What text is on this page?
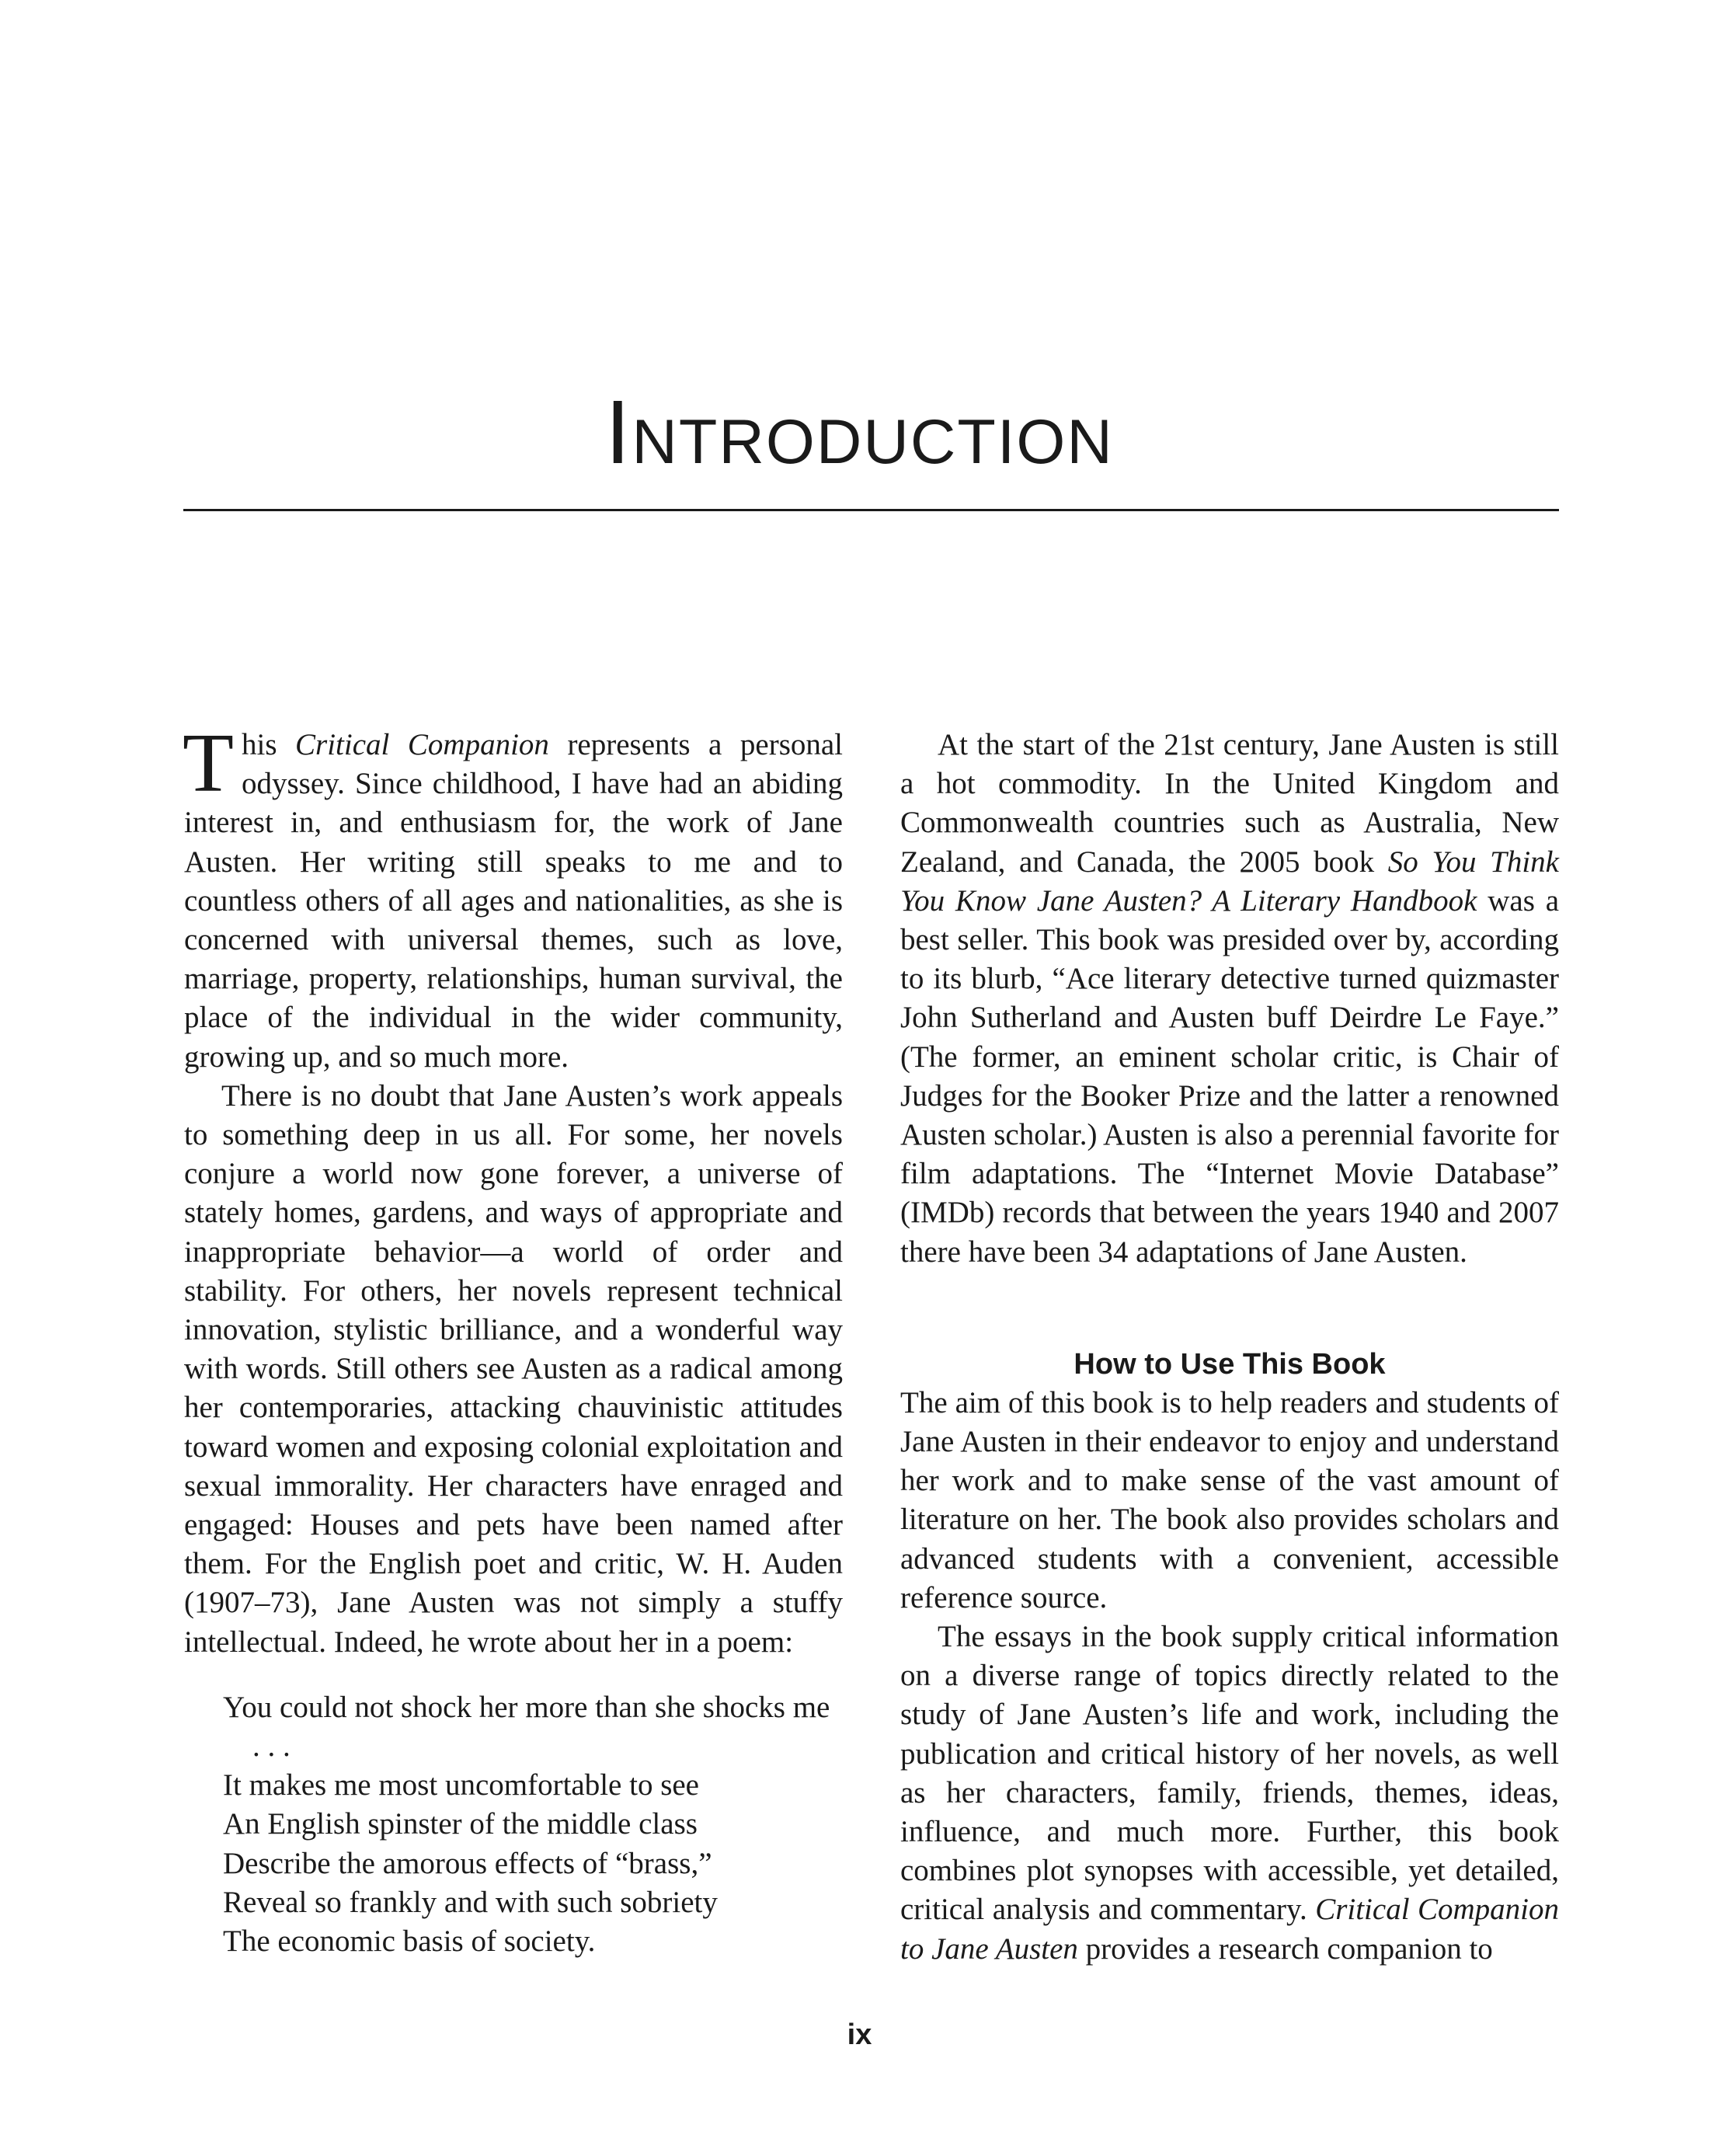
Introduction

This Critical Companion represents a personal odyssey. Since childhood, I have had an abiding interest in, and enthusiasm for, the work of Jane Austen. Her writing still speaks to me and to countless others of all ages and nationalities, as she is concerned with universal themes, such as love, marriage, property, relationships, human survival, the place of the individual in the wider community, growing up, and so much more.

There is no doubt that Jane Austen’s work appeals to something deep in us all. For some, her novels conjure a world now gone forever, a universe of stately homes, gardens, and ways of appropriate and inappropriate behavior—a world of order and stability. For others, her novels represent technical innovation, stylistic brilliance, and a wonderful way with words. Still others see Austen as a radical among her contemporaries, attacking chauvinistic attitudes toward women and exposing colonial exploitation and sexual immorality. Her characters have enraged and engaged: Houses and pets have been named after them. For the English poet and critic, W. H. Auden (1907–73), Jane Austen was not simply a stuffy intellectual. Indeed, he wrote about her in a poem:

You could not shock her more than she shocks me . . .
It makes me most uncomfortable to see
An English spinster of the middle class
Describe the amorous effects of “brass,”
Reveal so frankly and with such sobriety
The economic basis of society.

At the start of the 21st century, Jane Austen is still a hot commodity. In the United Kingdom and Commonwealth countries such as Australia, New Zealand, and Canada, the 2005 book So You Think You Know Jane Austen? A Literary Handbook was a best seller. This book was presided over by, according to its blurb, “Ace literary detective turned quizmaster John Sutherland and Austen buff Deirdre Le Faye.” (The former, an eminent scholar critic, is Chair of Judges for the Booker Prize and the latter a renowned Austen scholar.) Austen is also a perennial favorite for film adaptations. The “Internet Movie Database” (IMDb) records that between the years 1940 and 2007 there have been 34 adaptations of Jane Austen.

How to Use This Book

The aim of this book is to help readers and students of Jane Austen in their endeavor to enjoy and understand her work and to make sense of the vast amount of literature on her. The book also provides scholars and advanced students with a convenient, accessible reference source.

The essays in the book supply critical information on a diverse range of topics directly related to the study of Jane Austen’s life and work, including the publication and critical history of her novels, as well as her characters, family, friends, themes, ideas, influence, and much more. Further, this book combines plot synopses with accessible, yet detailed, critical analysis and commentary. Critical Companion to Jane Austen provides a research companion to

ix
